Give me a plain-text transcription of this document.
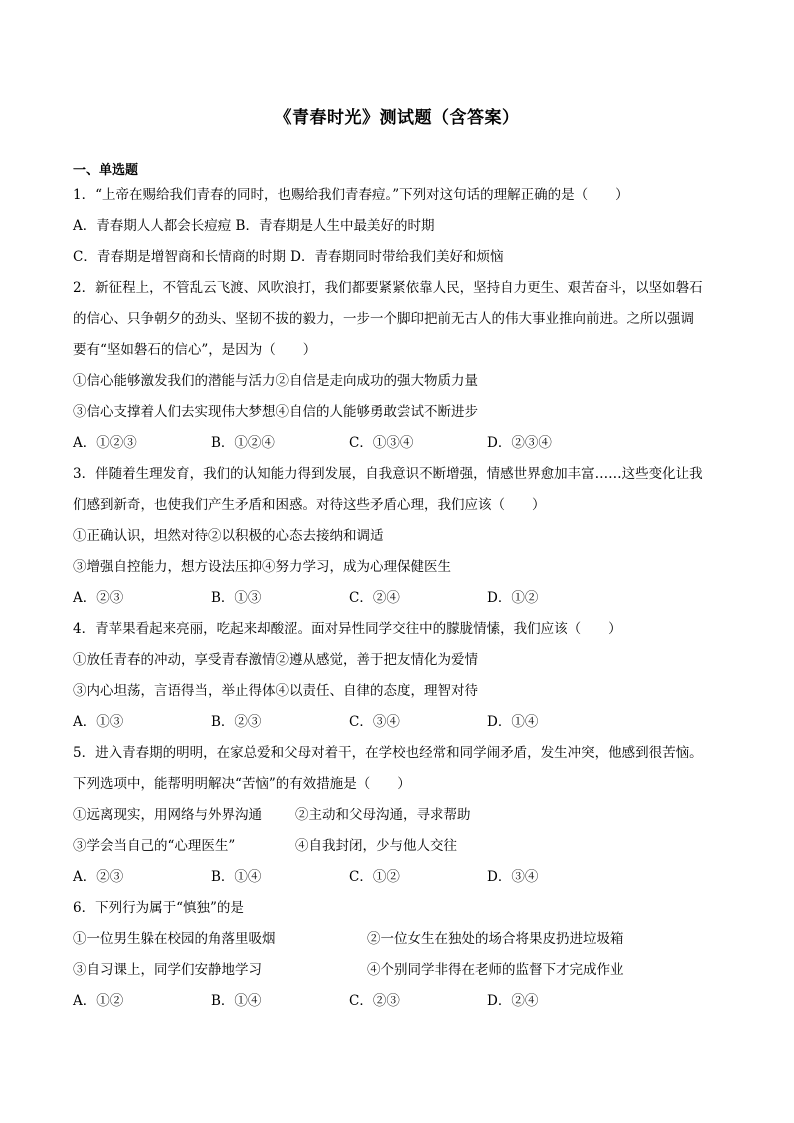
《青春时光》测试题（含答案）
一、单选题
1．“上帝在赐给我们青春的同时，也赐给我们青春痘。”下列对这句话的理解正确的是（　　）
A．青春期人人都会长痘痘 B．青春期是人生中最美好的时期
C．青春期是增智商和长情商的时期 D．青春期同时带给我们美好和烦恼
2．新征程上，不管乱云飞渡、风吹浪打，我们都要紧紧依靠人民，坚持自力更生、艰苦奋斗，以坚如磐石
的信心、只争朝夕的劲头、坚韧不拔的毅力，一步一个脚印把前无古人的伟大事业推向前进。之所以强调
要有“坚如磐石的信心”，是因为（　　）
①信心能够激发我们的潜能与活力②自信是走向成功的强大物质力量
③信心支撑着人们去实现伟大梦想④自信的人能够勇敢尝试不断进步
A．①②③	B．①②④	C．①③④	D．②③④
3．伴随着生理发育，我们的认知能力得到发展，自我意识不断增强，情感世界愈加丰富……这些变化让我
们感到新奇，也使我们产生矛盾和困惑。对待这些矛盾心理，我们应该（　　）
①正确认识，坦然对待②以积极的心态去接纳和调适
③增强自控能力，想方设法压抑④努力学习，成为心理保健医生
A．②③	B．①③	C．②④	D．①②
4．青苹果看起来亮丽，吃起来却酸涩。面对异性同学交往中的朦胧情愫，我们应该（　　）
①放任青春的冲动，享受青春激情②遵从感觉，善于把友情化为爱情
③内心坦荡，言语得当，举止得体④以责任、自律的态度，理智对待
A．①③	B．②③	C．③④	D．①④
5．进入青春期的明明，在家总爱和父母对着干，在学校也经常和同学闹矛盾，发生冲突，他感到很苦恼。
下列选项中，能帮明明解决“苦恼”的有效措施是（　　）
①远离现实，用网络与外界沟通	②主动和父母沟通，寻求帮助
③学会当自己的“心理医生”	④自我封闭，少与他人交往
A．②③	B．①④	C．①②	D．③④
6．下列行为属于“慎独”的是
①一位男生躲在校园的角落里吸烟	②一位女生在独处的场合将果皮扔进垃圾箱
③自习课上，同学们安静地学习	④个别同学非得在老师的监督下才完成作业
A．①②	B．①④	C．②③	D．②④
